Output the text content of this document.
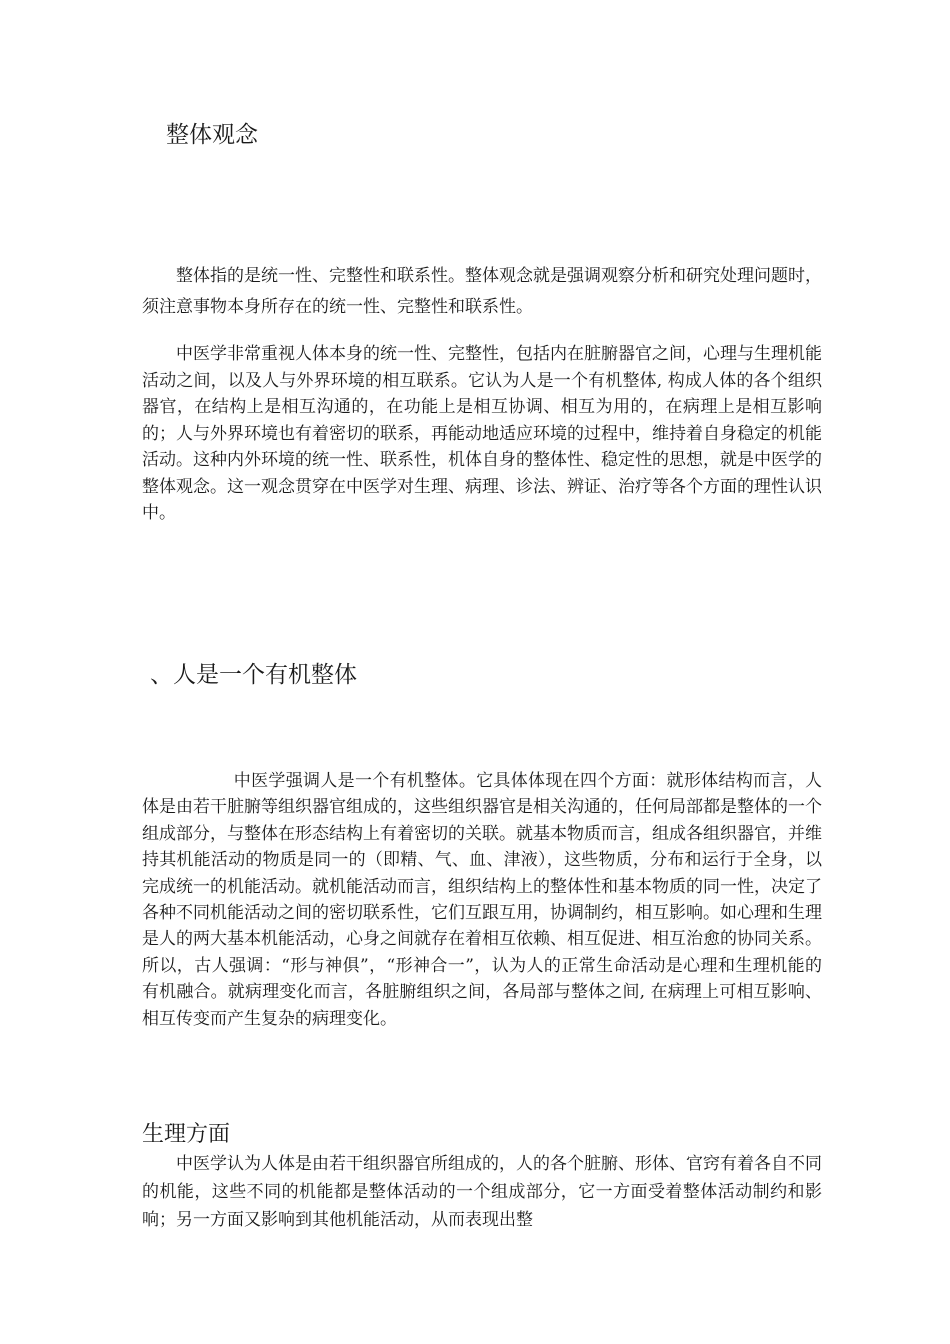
整体观念

整体指的是统一性、完整性和联系性。整体观念就是强调观察分析和研究处理问题时，须注意事物本身所存在的统一性、完整性和联系性。

中医学非常重视人体本身的统一性、完整性，包括内在脏腑器官之间，心理与生理机能活动之间，以及人与外界环境的相互联系。它认为人是一个有机整体, 构成人体的各个组织器官，在结构上是相互沟通的，在功能上是相互协调、相互为用的，在病理上是相互影响的；人与外界环境也有着密切的联系，再能动地适应环境的过程中，维持着自身稳定的机能活动。这种内外环境的统一性、联系性，机体自身的整体性、稳定性的思想，就是中医学的整体观念。这一观念贯穿在中医学对生理、病理、诊法、辨证、治疗等各个方面的理性认识中。

、人是一个有机整体

中医学强调人是一个有机整体。它具体体现在四个方面：就形体结构而言，人体是由若干脏腑等组织器官组成的，这些组织器官是相关沟通的，任何局部都是整体的一个组成部分，与整体在形态结构上有着密切的关联。就基本物质而言，组成各组织器官，并维持其机能活动的物质是同一的（即精、气、血、津液），这些物质，分布和运行于全身，以完成统一的机能活动。就机能活动而言，组织结构上的整体性和基本物质的同一性，决定了各种不同机能活动之间的密切联系性，它们互跟互用，协调制约，相互影响。如心理和生理是人的两大基本机能活动，心身之间就存在着相互依赖、相互促进、相互治愈的协同关系。所以，古人强调：“形与神俱”，“形神合一”，认为人的正常生命活动是心理和生理机能的有机融合。就病理变化而言，各脏腑组织之间，各局部与整体之间, 在病理上可相互影响、相互传变而产生复杂的病理变化。

生理方面

中医学认为人体是由若干组织器官所组成的，人的各个脏腑、形体、官窍有着各自不同的机能，这些不同的机能都是整体活动的一个组成部分，它一方面受着整体活动制约和影响；另一方面又影响到其他机能活动，从而表现出整
